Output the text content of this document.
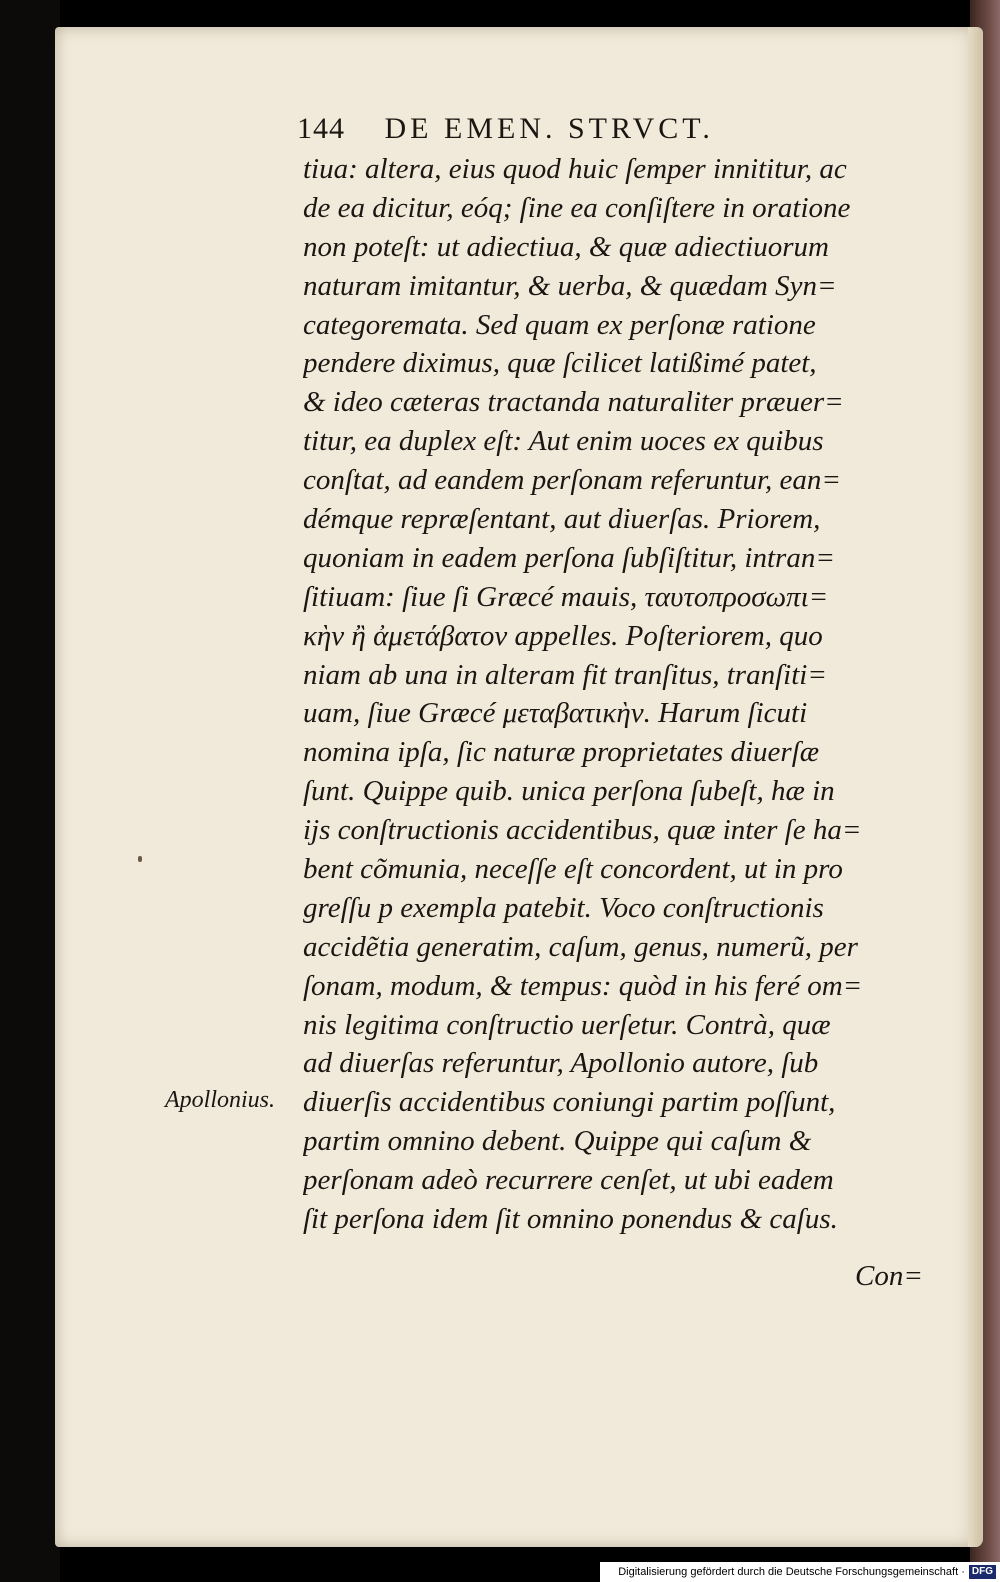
144 DE EMEN. STRVCT.
Apollonius.
tiua: altera, eius quod huic ſemper innititur, ac
de ea dicitur, eóq; ſine ea conſiſtere in oratione
non poteſt: ut adiectiua, & quæ adiectiuorum
naturam imitantur, & uerba, & quædam Syn=
categoremata. Sed quam ex perſonæ ratione
pendere diximus, quæ ſcilicet latißimé patet,
& ideo cæteras tractanda naturaliter præuer=
titur, ea duplex eſt: Aut enim uoces ex quibus
conſtat, ad eandem perſonam referuntur, ean=
démque repræſentant, aut diuerſas. Priorem,
quoniam in eadem perſona ſubſiſtitur, intran=
ſitiuam: ſiue ſi Græcé mauis, ταυτοπροσωπι=
κὴν ἢ ἀμετάβατον appelles. Poſteriorem, quo
niam ab una in alteram fit tranſitus, tranſiti=
uam, ſiue Græcé μεταβατικὴν. Harum ſicuti
nomina ipſa, ſic naturæ proprietates diuerſæ
ſunt. Quippe quib. unica perſona ſubeſt, hæ in
ijs conſtructionis accidentibus, quæ inter ſe ha=
bent cõmunia, neceſſe eſt concordent, ut in pro
greſſu p exempla patebit. Voco conſtructionis
accidẽtia generatim, caſum, genus, numerũ, per
ſonam, modum, & tempus: quòd in his feré om=
nis legitima conſtructio uerſetur. Contrà, quæ
ad diuerſas referuntur, Apollonio autore, ſub
diuerſis accidentibus coniungi partim poſſunt,
partim omnino debent. Quippe qui caſum &
perſonam adeò recurrere cenſet, ut ubi eadem
ſit perſona idem ſit omnino ponendus & caſus.
Con=
Digitalisierung gefördert durch die Deutsche Forschungsgemeinschaft · DFG
